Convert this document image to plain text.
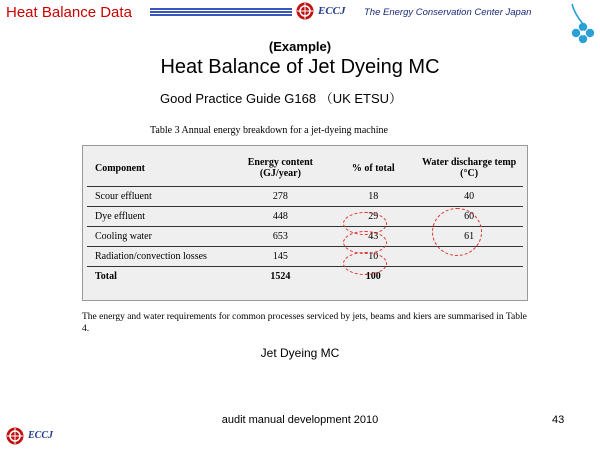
Heat Balance Data	ECCJ The Energy Conservation Center Japan
(Example)
Heat Balance of Jet Dyeing MC
Good Practice Guide G168 （UK ETSU）
Table 3 Annual energy breakdown for a jet-dyeing machine
Component	Energy content (GJ/year)	% of total	Water discharge temp (°C)
Scour effluent	278	18	40
Dye effluent	448	29	60
Cooling water	653	43	61
Radiation/convection losses	145	10	
Total	1524	100	
The energy and water requirements for common processes serviced by jets, beams and kiers are summarised in Table 4.
Jet Dyeing MC
audit manual development 2010	43
ECCJ
